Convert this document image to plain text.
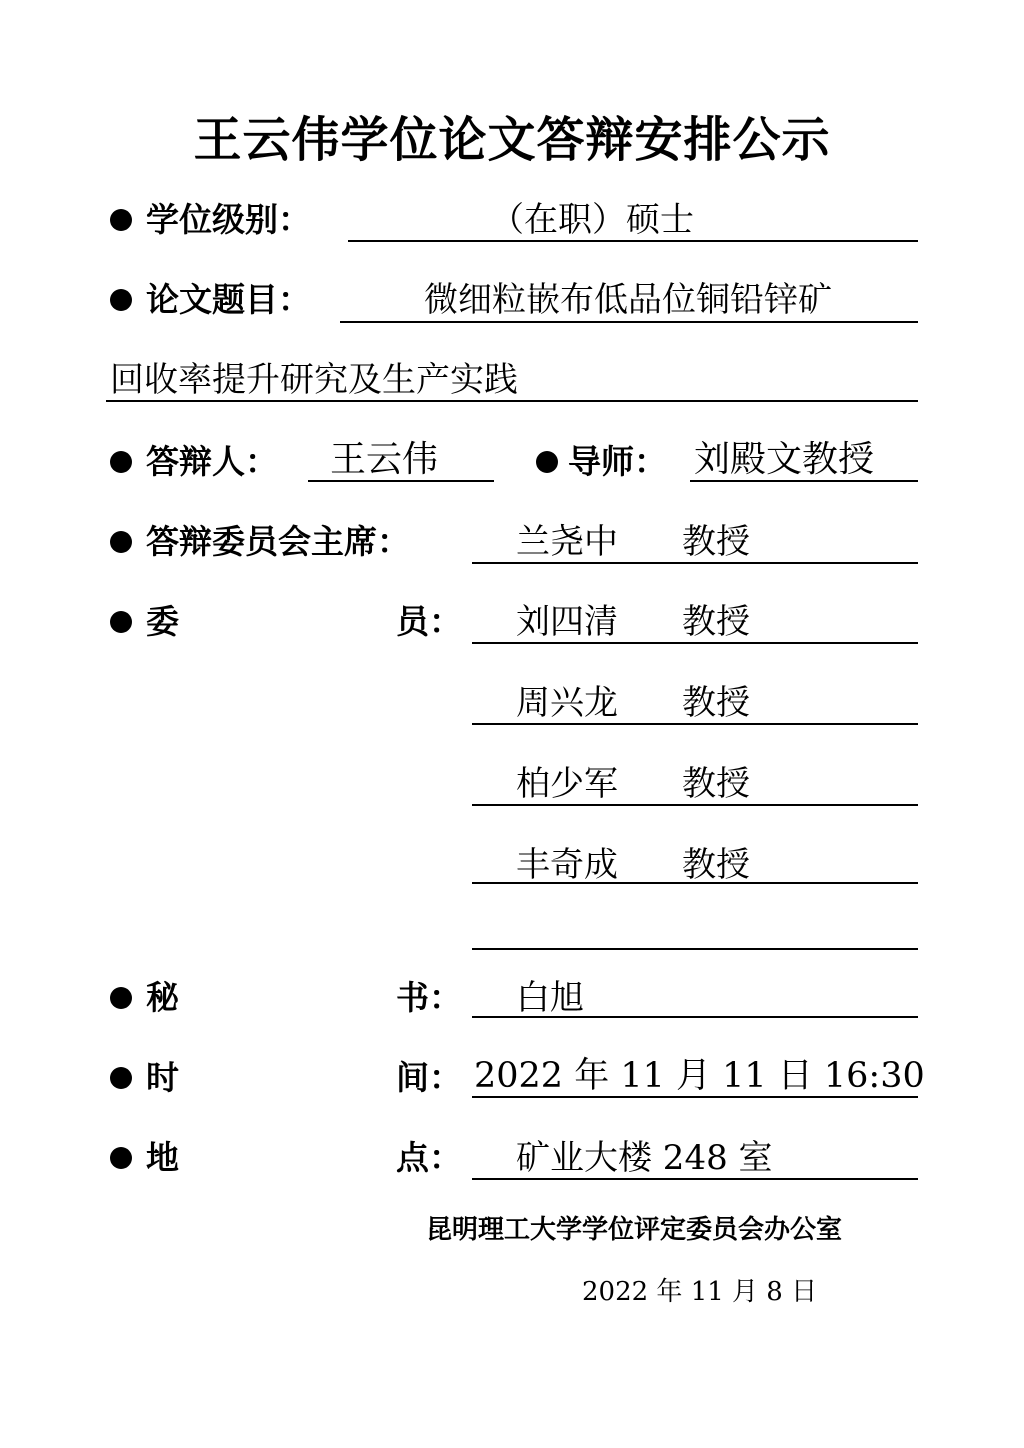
王云伟学位论文答辩安排公示
学位级别：	（在职）硕士
论文题目：	微细粒嵌布低品位铜铅锌矿
回收率提升研究及生产实践
答辩人： 王云伟	导师： 刘殿文教授
答辩委员会主席：	兰尧中 教授
委	员： 刘四清 教授
周兴龙 教授
柏少军 教授
丰奇成 教授
秘	书： 白旭
时	间： 2022 年 11 月 11 日 16:30
地	点： 矿业大楼 248 室
昆明理工大学学位评定委员会办公室
2022 年 11 月 8 日
